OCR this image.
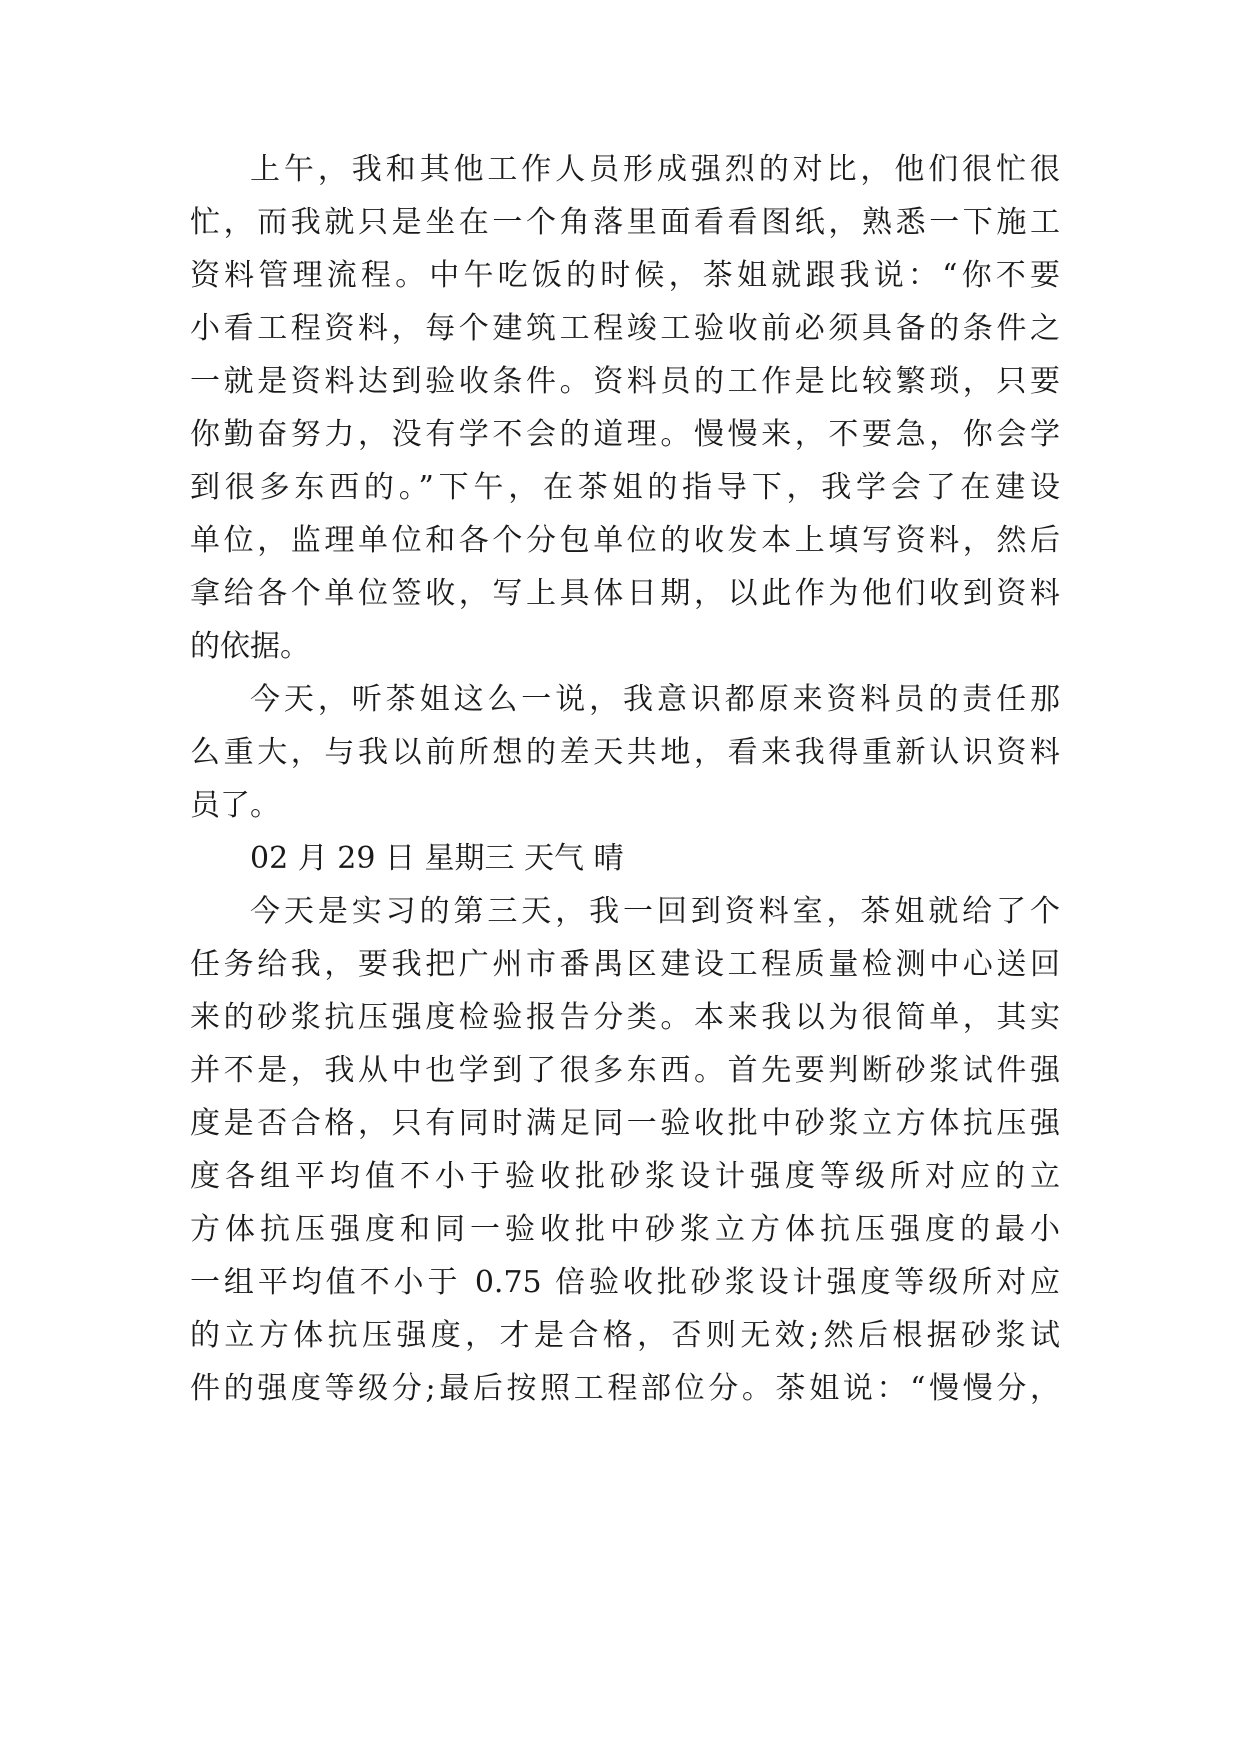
上午，我和其他工作人员形成强烈的对比，他们很忙很
忙，而我就只是坐在一个角落里面看看图纸，熟悉一下施工
资料管理流程。中午吃饭的时候，茶姐就跟我说：“你不要
小看工程资料，每个建筑工程竣工验收前必须具备的条件之
一就是资料达到验收条件。资料员的工作是比较繁琐，只要
你勤奋努力，没有学不会的道理。慢慢来，不要急，你会学
到很多东西的。”下午，在茶姐的指导下，我学会了在建设
单位，监理单位和各个分包单位的收发本上填写资料，然后
拿给各个单位签收，写上具体日期，以此作为他们收到资料
的依据。
今天，听茶姐这么一说，我意识都原来资料员的责任那
么重大，与我以前所想的差天共地，看来我得重新认识资料
员了。
02 月 29 日 星期三 天气 晴
今天是实习的第三天，我一回到资料室，茶姐就给了个
任务给我，要我把广州市番禺区建设工程质量检测中心送回
来的砂浆抗压强度检验报告分类。本来我以为很简单，其实
并不是，我从中也学到了很多东西。首先要判断砂浆试件强
度是否合格，只有同时满足同一验收批中砂浆立方体抗压强
度各组平均值不小于验收批砂浆设计强度等级所对应的立
方体抗压强度和同一验收批中砂浆立方体抗压强度的最小
一组平均值不小于 0.75 倍验收批砂浆设计强度等级所对应
的立方体抗压强度，才是合格，否则无效;然后根据砂浆试
件的强度等级分;最后按照工程部位分。茶姐说：“慢慢分，
